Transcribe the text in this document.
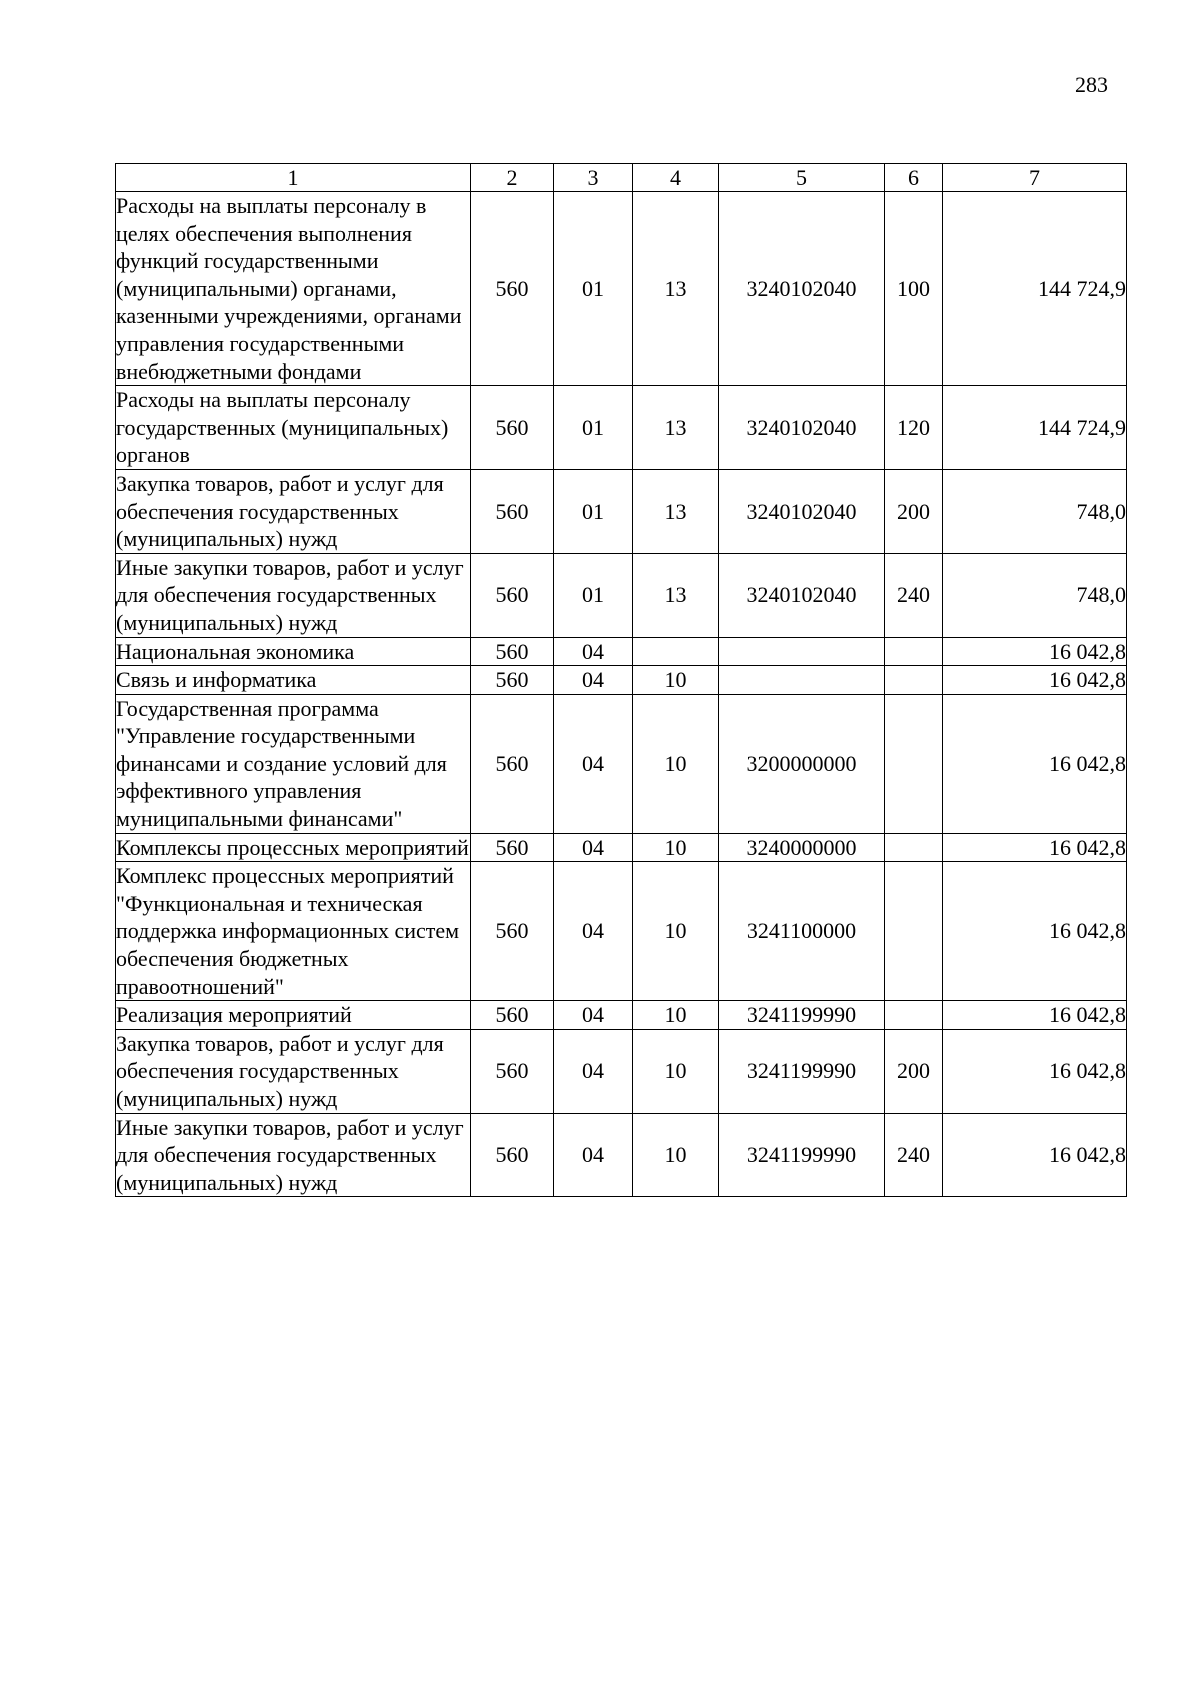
283
1	2	3	4	5	6	7
Расходы на выплаты персоналу в целях обеспечения выполнения функций государственными (муниципальными) органами, казенными учреждениями, органами управления государственными внебюджетными фондами	560	01	13	3240102040	100	144 724,9
Расходы на выплаты персоналу государственных (муниципальных) органов	560	01	13	3240102040	120	144 724,9
Закупка товаров, работ и услуг для обеспечения государственных (муниципальных) нужд	560	01	13	3240102040	200	748,0
Иные закупки товаров, работ и услуг для обеспечения государственных (муниципальных) нужд	560	01	13	3240102040	240	748,0
Национальная экономика	560	04				16 042,8
Связь и информатика	560	04	10			16 042,8
Государственная программа "Управление государственными финансами и создание условий для эффективного управления муниципальными финансами"	560	04	10	3200000000		16 042,8
Комплексы процессных мероприятий	560	04	10	3240000000		16 042,8
Комплекс процессных мероприятий "Функциональная и техническая поддержка информационных систем обеспечения бюджетных правоотношений"	560	04	10	3241100000		16 042,8
Реализация мероприятий	560	04	10	3241199990		16 042,8
Закупка товаров, работ и услуг для обеспечения государственных (муниципальных) нужд	560	04	10	3241199990	200	16 042,8
Иные закупки товаров, работ и услуг для обеспечения государственных (муниципальных) нужд	560	04	10	3241199990	240	16 042,8
